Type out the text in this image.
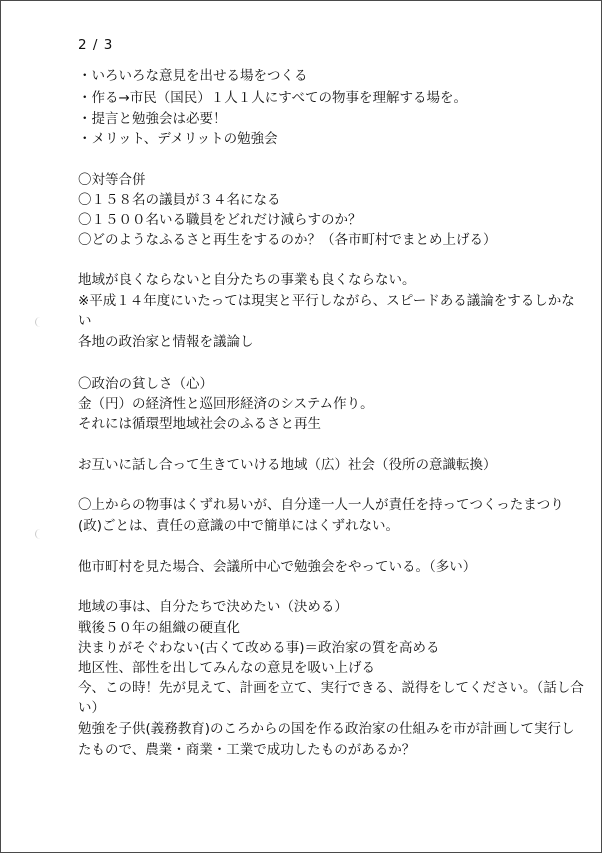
2 / 3
・いろいろな意見を出せる場をつくる
・作る→市民（国民）１人１人にすべての物事を理解する場を。
・提言と勉強会は必要！
・メリット、デメリットの勉強会
〇対等合併
〇１５８名の議員が３４名になる
〇１５００名いる職員をどれだけ減らすのか？
〇どのようなふるさと再生をするのか？（各市町村でまとめ上げる）
地域が良くならないと自分たちの事業も良くならない。
※平成１４年度にいたっては現実と平行しながら、スピードある議論をするしかな
い
各地の政治家と情報を議論し
〇政治の貧しさ（心）
金（円）の経済性と巡回形経済のシステム作り。
それには循環型地域社会のふるさと再生
お互いに話し合って生きていける地域（広）社会（役所の意識転換）
〇上からの物事はくずれ易いが、自分達一人一人が責任を持ってつくったまつり
(政)ごとは、責任の意識の中で簡単にはくずれない。
他市町村を見た場合、会議所中心で勉強会をやっている。（多い）
地域の事は、自分たちで決めたい（決める）
戦後５０年の組織の硬直化
決まりがそぐわない(古くて改める事)＝政治家の質を高める
地区性、部性を出してみんなの意見を吸い上げる
今、この時！先が見えて、計画を立て、実行できる、説得をしてください。（話し合
い）
勉強を子供(義務教育)のころからの国を作る政治家の仕組みを市が計画して実行し
たもので、農業・商業・工業で成功したものがあるか？
